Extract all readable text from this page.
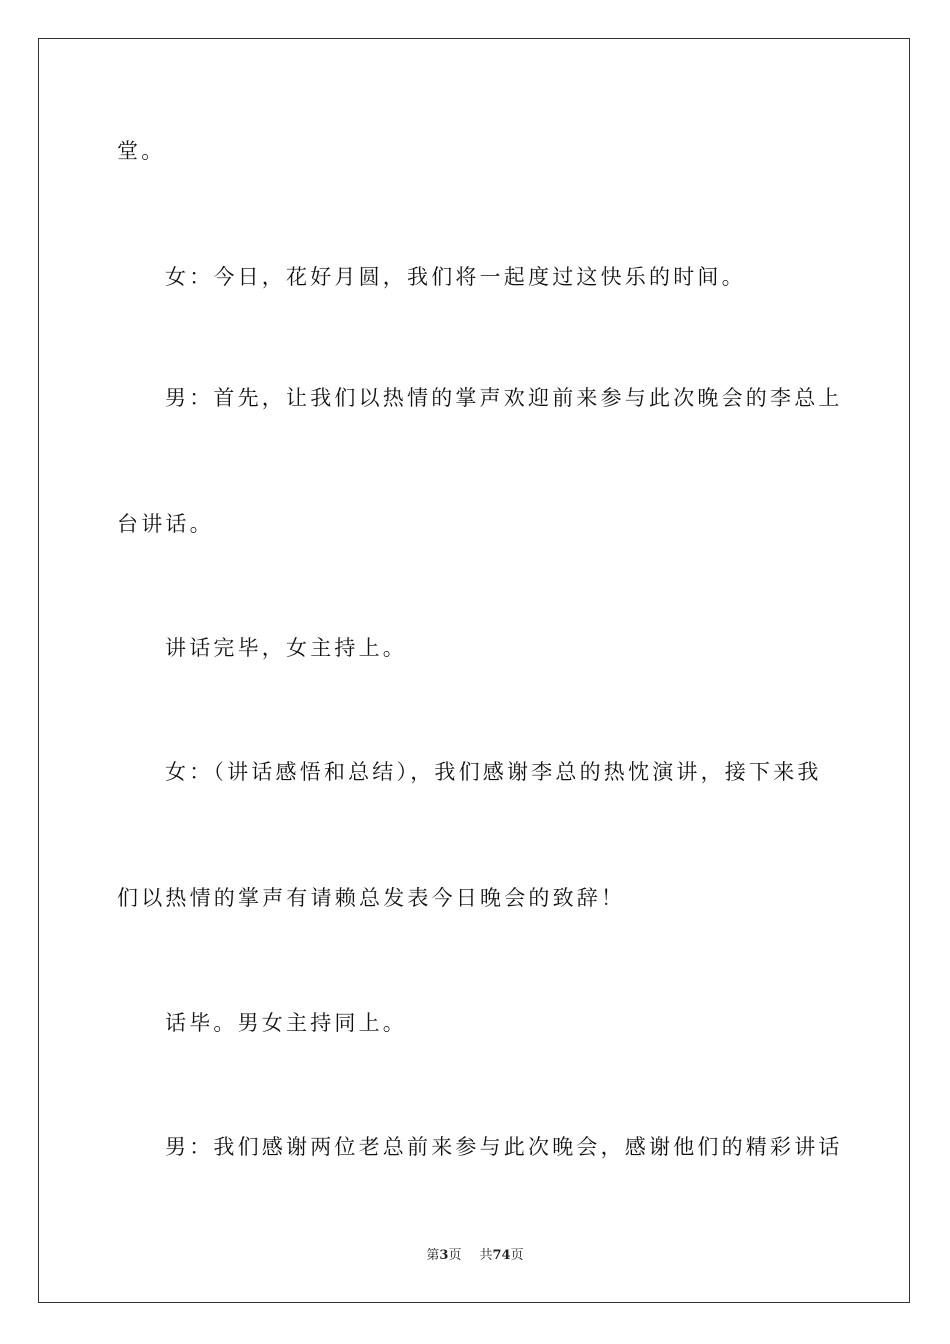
堂。
女：今日，花好月圆，我们将一起度过这快乐的时间。
男：首先，让我们以热情的掌声欢迎前来参与此次晚会的李总上
台讲话。
讲话完毕，女主持上。
女：（讲话感悟和总结），我们感谢李总的热忱演讲，接下来我
们以热情的掌声有请赖总发表今日晚会的致辞！
话毕。男女主持同上。
男：我们感谢两位老总前来参与此次晚会，感谢他们的精彩讲话
第3页 共74页
